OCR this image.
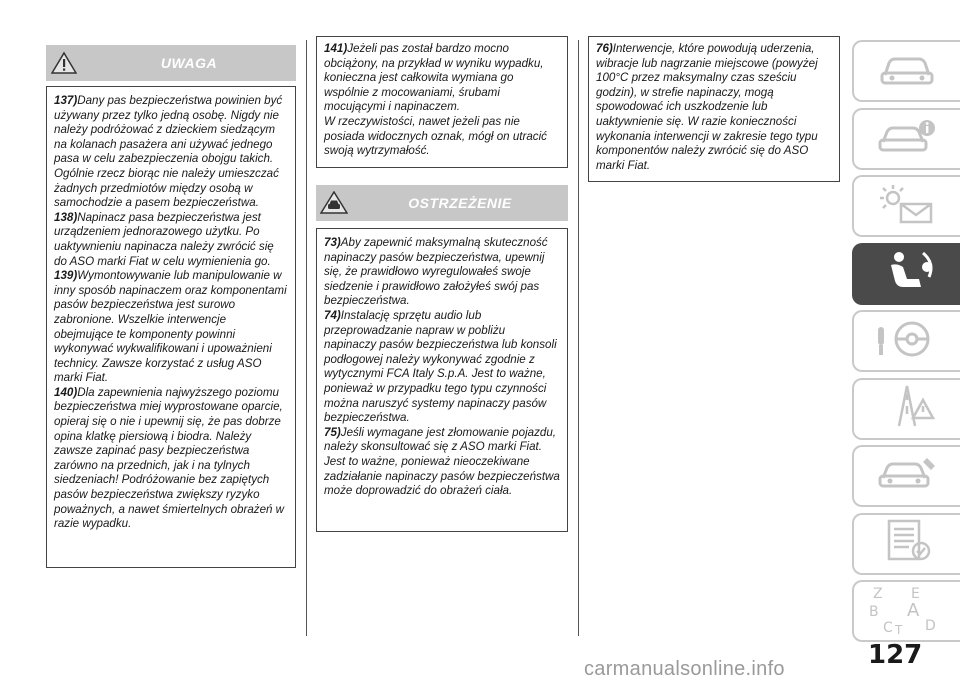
UWAGA

137)Dany pas bezpieczeństwa powinien być używany przez tylko jedną osobę. Nigdy nie należy podróżować z dzieckiem siedzącym na kolanach pasażera ani używać jednego pasa w celu zabezpieczenia obojgu takich. Ogólnie rzecz biorąc nie należy umieszczać żadnych przedmiotów między osobą w samochodzie a pasem bezpieczeństwa.

138)Napinacz pasa bezpieczeństwa jest urządzeniem jednorazowego użytku. Po uaktywnieniu napinacza należy zwrócić się do ASO marki Fiat w celu wymienienia go.

139)Wymontowywanie lub manipulowanie w inny sposób napinaczem oraz komponentami pasów bezpieczeństwa jest surowo zabronione. Wszelkie interwencje obejmujące te komponenty powinni wykonywać wykwalifikowani i upoważnieni technicy. Zawsze korzystać z usług ASO marki Fiat.

140)Dla zapewnienia najwyższego poziomu bezpieczeństwa miej wyprostowane oparcie, opieraj się o nie i upewnij się, że pas dobrze opina klatkę piersiową i biodra. Należy zawsze zapinać pasy bezpieczeństwa zarówno na przednich, jak i na tylnych siedzeniach! Podróżowanie bez zapiętych pasów bezpieczeństwa zwiększy ryzyko poważnych, a nawet śmiertelnych obrażeń w razie wypadku.

141)Jeżeli pas został bardzo mocno obciążony, na przykład w wyniku wypadku, konieczna jest całkowita wymiana go wspólnie z mocowaniami, śrubami mocującymi i napinaczem.
W rzeczywistości, nawet jeżeli pas nie posiada widocznych oznak, mógł on utracić swoją wytrzymałość.

OSTRZEŻENIE

73)Aby zapewnić maksymalną skuteczność napinaczy pasów bezpieczeństwa, upewnij się, że prawidłowo wyregulowałeś swoje siedzenie i prawidłowo założyłeś swój pas bezpieczeństwa.

74)Instalację sprzętu audio lub przeprowadzanie napraw w pobliżu napinaczy pasów bezpieczeństwa lub konsoli podłogowej należy wykonywać zgodnie z wytycznymi FCA Italy S.p.A. Jest to ważne, ponieważ w przypadku tego typu czynności można naruszyć systemy napinaczy pasów bezpieczeństwa.

75)Jeśli wymagane jest złomowanie pojazdu, należy skonsultować się z ASO marki Fiat. Jest to ważne, ponieważ nieoczekiwane zadziałanie napinaczy pasów bezpieczeństwa może doprowadzić do obrażeń ciała.

76)Interwencje, które powodują uderzenia, wibracje lub nagrzanie miejscowe (powyżej 100°C przez maksymalny czas sześciu godzin), w strefie napinaczy, mogą spowodować ich uszkodzenie lub uaktywnienie się. W razie konieczności wykonania interwencji w zakresie tego typu komponentów należy zwrócić się do ASO marki Fiat.

Z E
A
B
C T D
127
carmanualsonline.info
